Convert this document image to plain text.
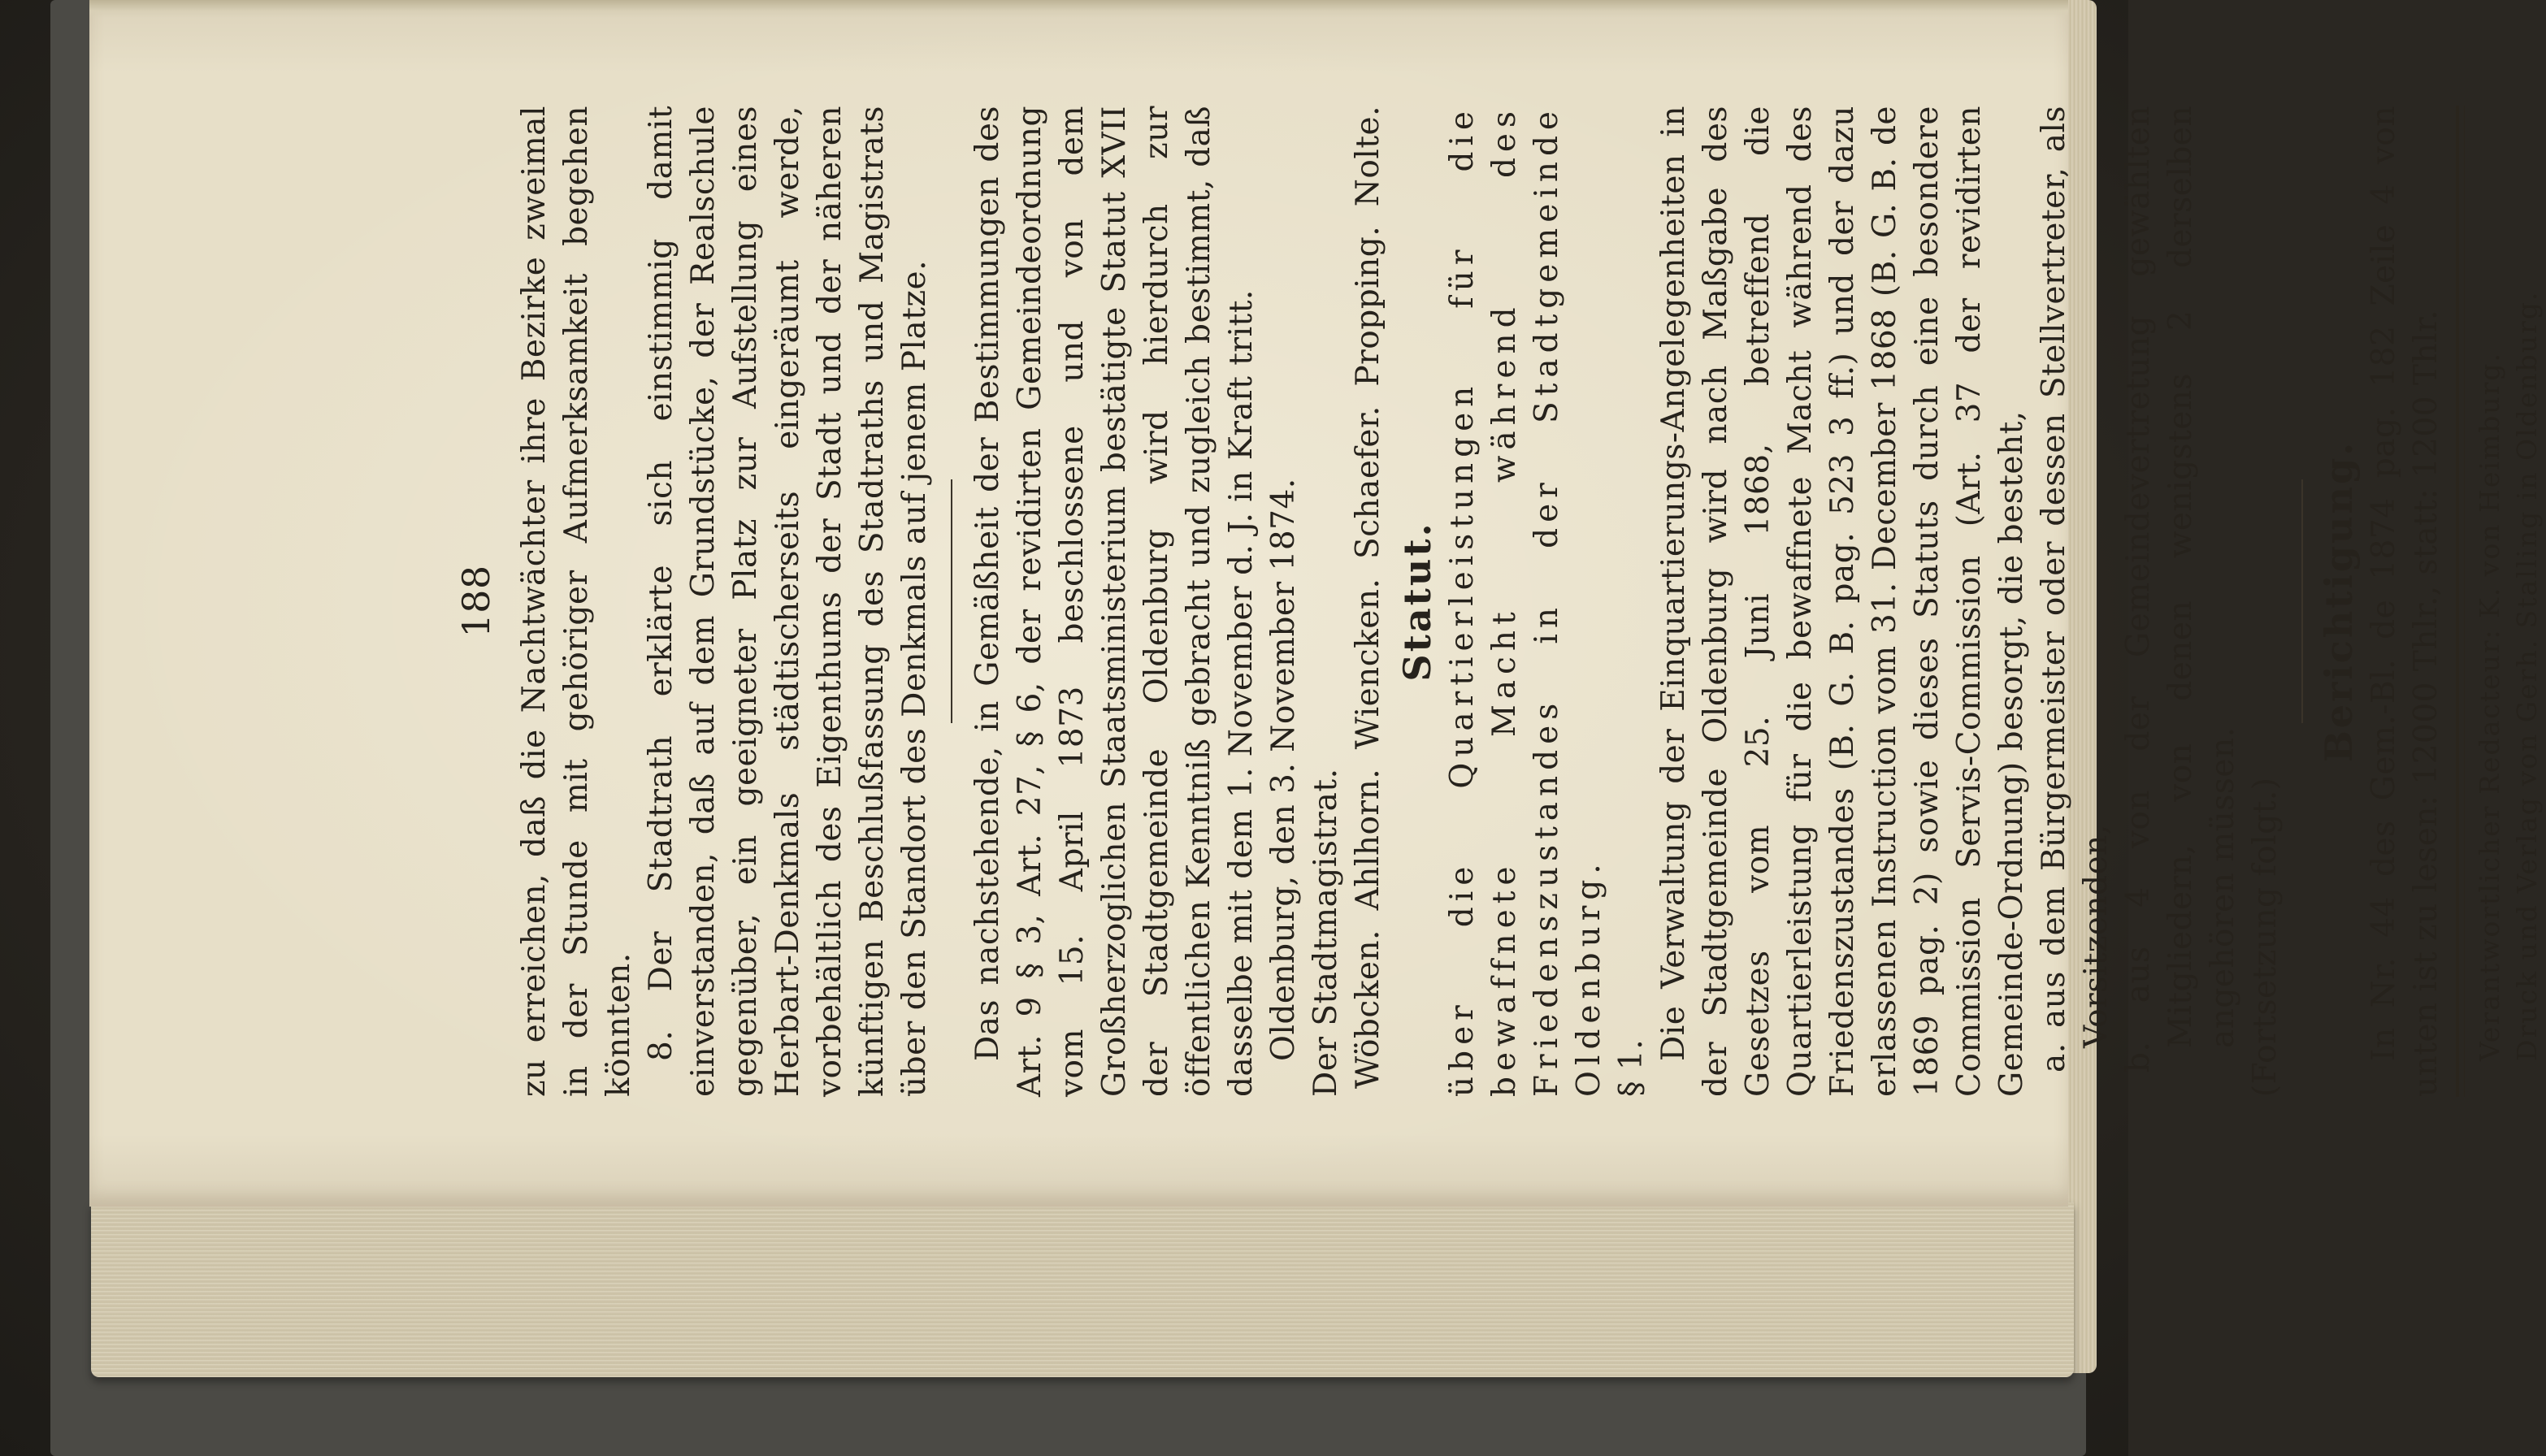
188 zu erreichen, daß die Nachtwächter ihre Bezirke zweimal in der Stunde mit gehöriger Aufmerksamkeit begehen könnten. 8. Der Stadtrath erklärte sich einstimmig damit einverstanden, daß auf dem Grundstücke, der Realschule gegenüber, ein geeigneter Platz zur Aufstellung eines Herbart-Denkmals städtischerseits eingeräumt werde, vorbehältlich des Eigenthums der Stadt und der näheren künftigen Beschlußfassung des Stadtraths und Magistrats über den Standort des Denkmals auf jenem Platze. Das nachstehende, in Gemäßheit der Bestimmungen des Art. 9 § 3, Art. 27, § 6, der revidirten Gemeindeordnung vom 15. April 1873 beschlossene und von dem Großherzoglichen Staatsministerium bestätigte Statut XVII der Stadtgemeinde Oldenburg wird hierdurch zur öffentlichen Kenntniß gebracht und zugleich bestimmt, daß dasselbe mit dem 1. November d. J. in Kraft tritt. Oldenburg, den 3. November 1874. Der Stadtmagistrat. Wöbcken.
Ahlhorn.
Wiencken.
Schaefer.
Propping.
Nolte.
Statut. über die Quartierleistungen für die bewaffnete Macht während des Friedenszustandes in der Stadtgemeinde Oldenburg. § 1.

Die Verwaltung der Einquartierungs-Angelegenheiten in der Stadtgemeinde Oldenburg wird nach Maßgabe des Gesetzes vom 25. Juni 1868, betreffend die Quartierleistung für die bewaffnete Macht während des Friedenszustandes (B. G. B. pag. 523 3 ff.) und der dazu erlassenen Instruction vom 31. December 1868 (B. G. B. de 1869 pag. 2) sowie dieses Statuts durch eine besondere Commission Servis-Commission (Art. 37 der revidirten Gemeinde-Ordnung) besorgt, die besteht, a. aus dem Bürgermeister oder dessen Stellvertreter, als Vorsitzenden, b. aus 4 von der Gemeindevertretung gewählten Mitgliedern, von denen wenigstens 2 derselben angehören müssen. (Fortsetzung folgt.)

Berichtigung. In Nr. 44 des Gem.-Bl. de 1874 pag. 182 Zeile 4 von unten ist zu lesen: 12000 Thlr., statt: 1200 Thlr. Verantwortlicher Redacteur: K. von Heimburg. Druck und Verlag von Gerh. Stalling in Oldenburg.
